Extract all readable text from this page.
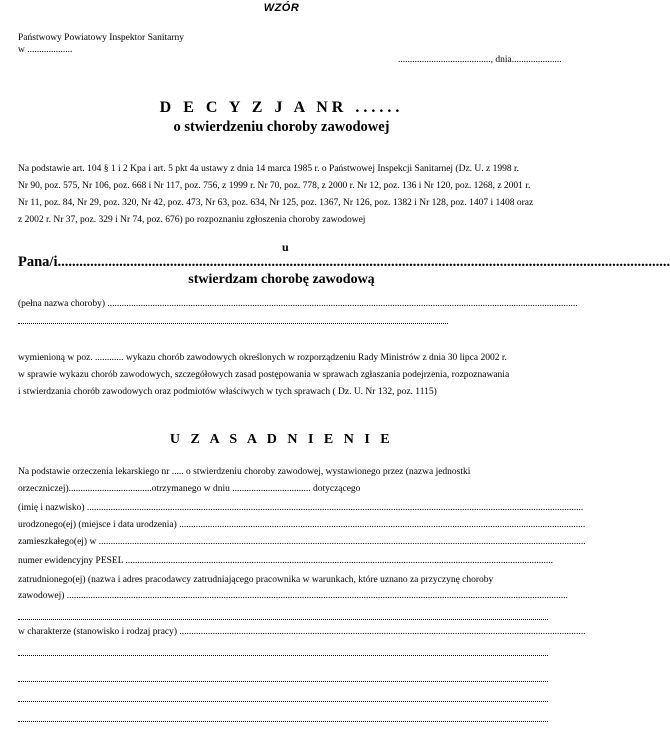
WZÓR
Państwowy Powiatowy Inspektor Sanitarny
w ...................
......................................., dnia.....................
D E C Y Z J A NR ......
o stwierdzeniu choroby zawodowej
Na podstawie art. 104 § 1 i 2 Kpa i art. 5 pkt 4a ustawy z dnia 14 marca 1985 r. o Państwowej Inspekcji Sanitarnej (Dz. U. z 1998 r.
Nr 90, poz. 575, Nr 106, poz. 668 i Nr 117, poz. 756, z 1999 r. Nr 70, poz. 778, z 2000 r. Nr 12, poz. 136 i Nr 120, poz. 1268, z 2001 r.
Nr 11, poz. 84, Nr 29, poz. 320, Nr 42, poz. 473, Nr 63, poz. 634, Nr 125, poz. 1367, Nr 126, poz. 1382 i Nr 128, poz. 1407 i 1408 oraz
z 2002 r. Nr 37, poz. 329 i Nr 74, poz. 676) po rozpoznaniu zgłoszenia choroby zawodowej
u
Pana/i.........................................................................................................................................................................
stwierdzam chorobę zawodową
(pełna nazwa choroby) ......................................................................................................................................................................................................
wymienioną w poz. ............ wykazu chorób zawodowych określonych w rozporządzeniu Rady Ministrów z dnia 30 lipca 2002 r.
w sprawie wykazu chorób zawodowych, szczegółowych zasad postępowania w sprawach zgłaszania podejrzenia, rozpoznawania
i stwierdzania chorób zawodowych oraz podmiotów właściwych w tych sprawach ( Dz. U. Nr 132, poz. 1115)
U Z A S A D N I E N I E
Na podstawie orzeczenia lekarskiego nr ..... o stwierdzeniu choroby zawodowej, wystawionego przez (nazwa jednostki
orzeczniczej)...................................otrzymanego w dniu ................................. dotyczącego
(imię i nazwisko) .................................................................................................................................................................................................................
urodzonego(ej) (miejsce i data urodzenia) ...........................................................................................................................................................................
zamieszkałego(ej) w .............................................................................................................................................................................................................
numer ewidencyjny PESEL ....................................................................................................................................................................................
zatrudnionego(ej) (nazwa i adres pracodawcy zatrudniającego pracownika w warunkach, które uznano za przyczynę choroby
zawodowej) ...................................................................................................................................................................................................................
w charakterze (stanowisko i rodzaj pracy) ...........................................................................................................................................................................
